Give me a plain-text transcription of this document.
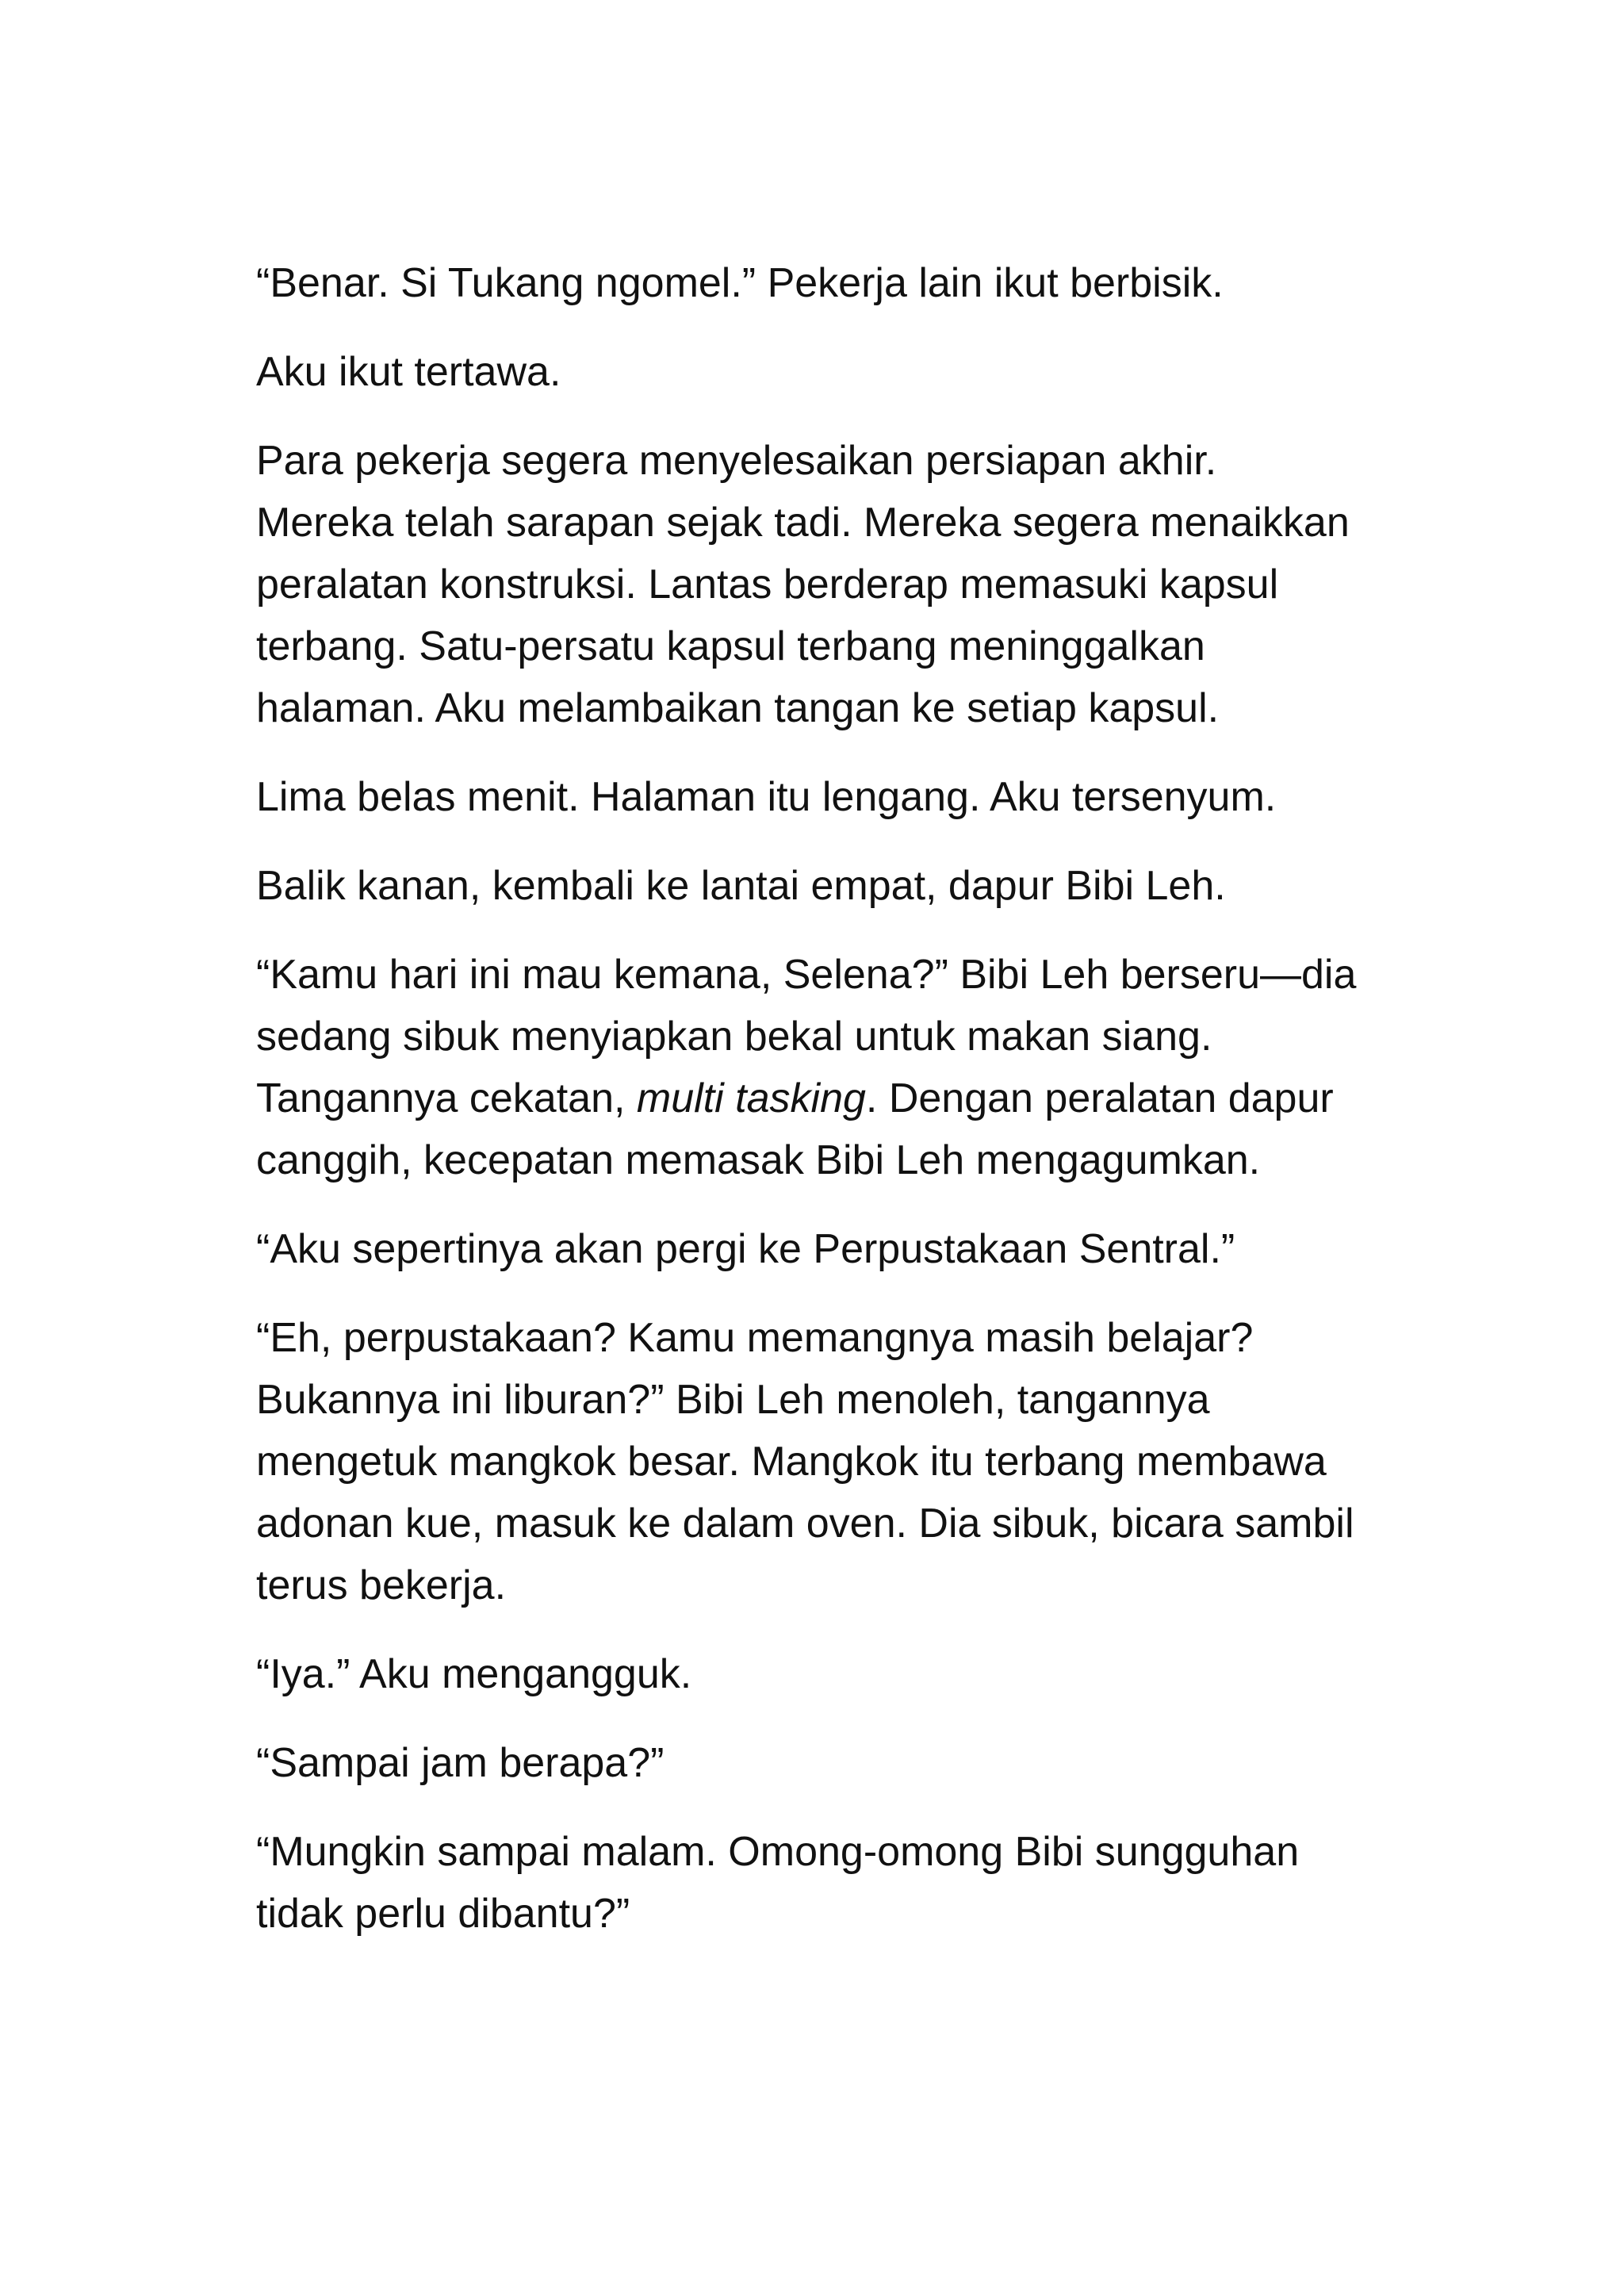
“Benar. Si Tukang ngomel.” Pekerja lain ikut berbisik.

Aku ikut tertawa.

Para pekerja segera menyelesaikan persiapan akhir.
Mereka telah sarapan sejak tadi. Mereka segera menaikkan
peralatan konstruksi. Lantas berderap memasuki kapsul
terbang. Satu-persatu kapsul terbang meninggalkan
halaman. Aku melambaikan tangan ke setiap kapsul.

Lima belas menit. Halaman itu lengang. Aku tersenyum.

Balik kanan, kembali ke lantai empat, dapur Bibi Leh.

“Kamu hari ini mau kemana, Selena?” Bibi Leh berseru—dia
sedang sibuk menyiapkan bekal untuk makan siang.
Tangannya cekatan, multi tasking. Dengan peralatan dapur
canggih, kecepatan memasak Bibi Leh mengagumkan.

“Aku sepertinya akan pergi ke Perpustakaan Sentral.”

“Eh, perpustakaan? Kamu memangnya masih belajar?
Bukannya ini liburan?” Bibi Leh menoleh, tangannya
mengetuk mangkok besar. Mangkok itu terbang membawa
adonan kue, masuk ke dalam oven. Dia sibuk, bicara sambil
terus bekerja.

“Iya.” Aku mengangguk.

“Sampai jam berapa?”

“Mungkin sampai malam. Omong-omong Bibi sungguhan
tidak perlu dibantu?”
